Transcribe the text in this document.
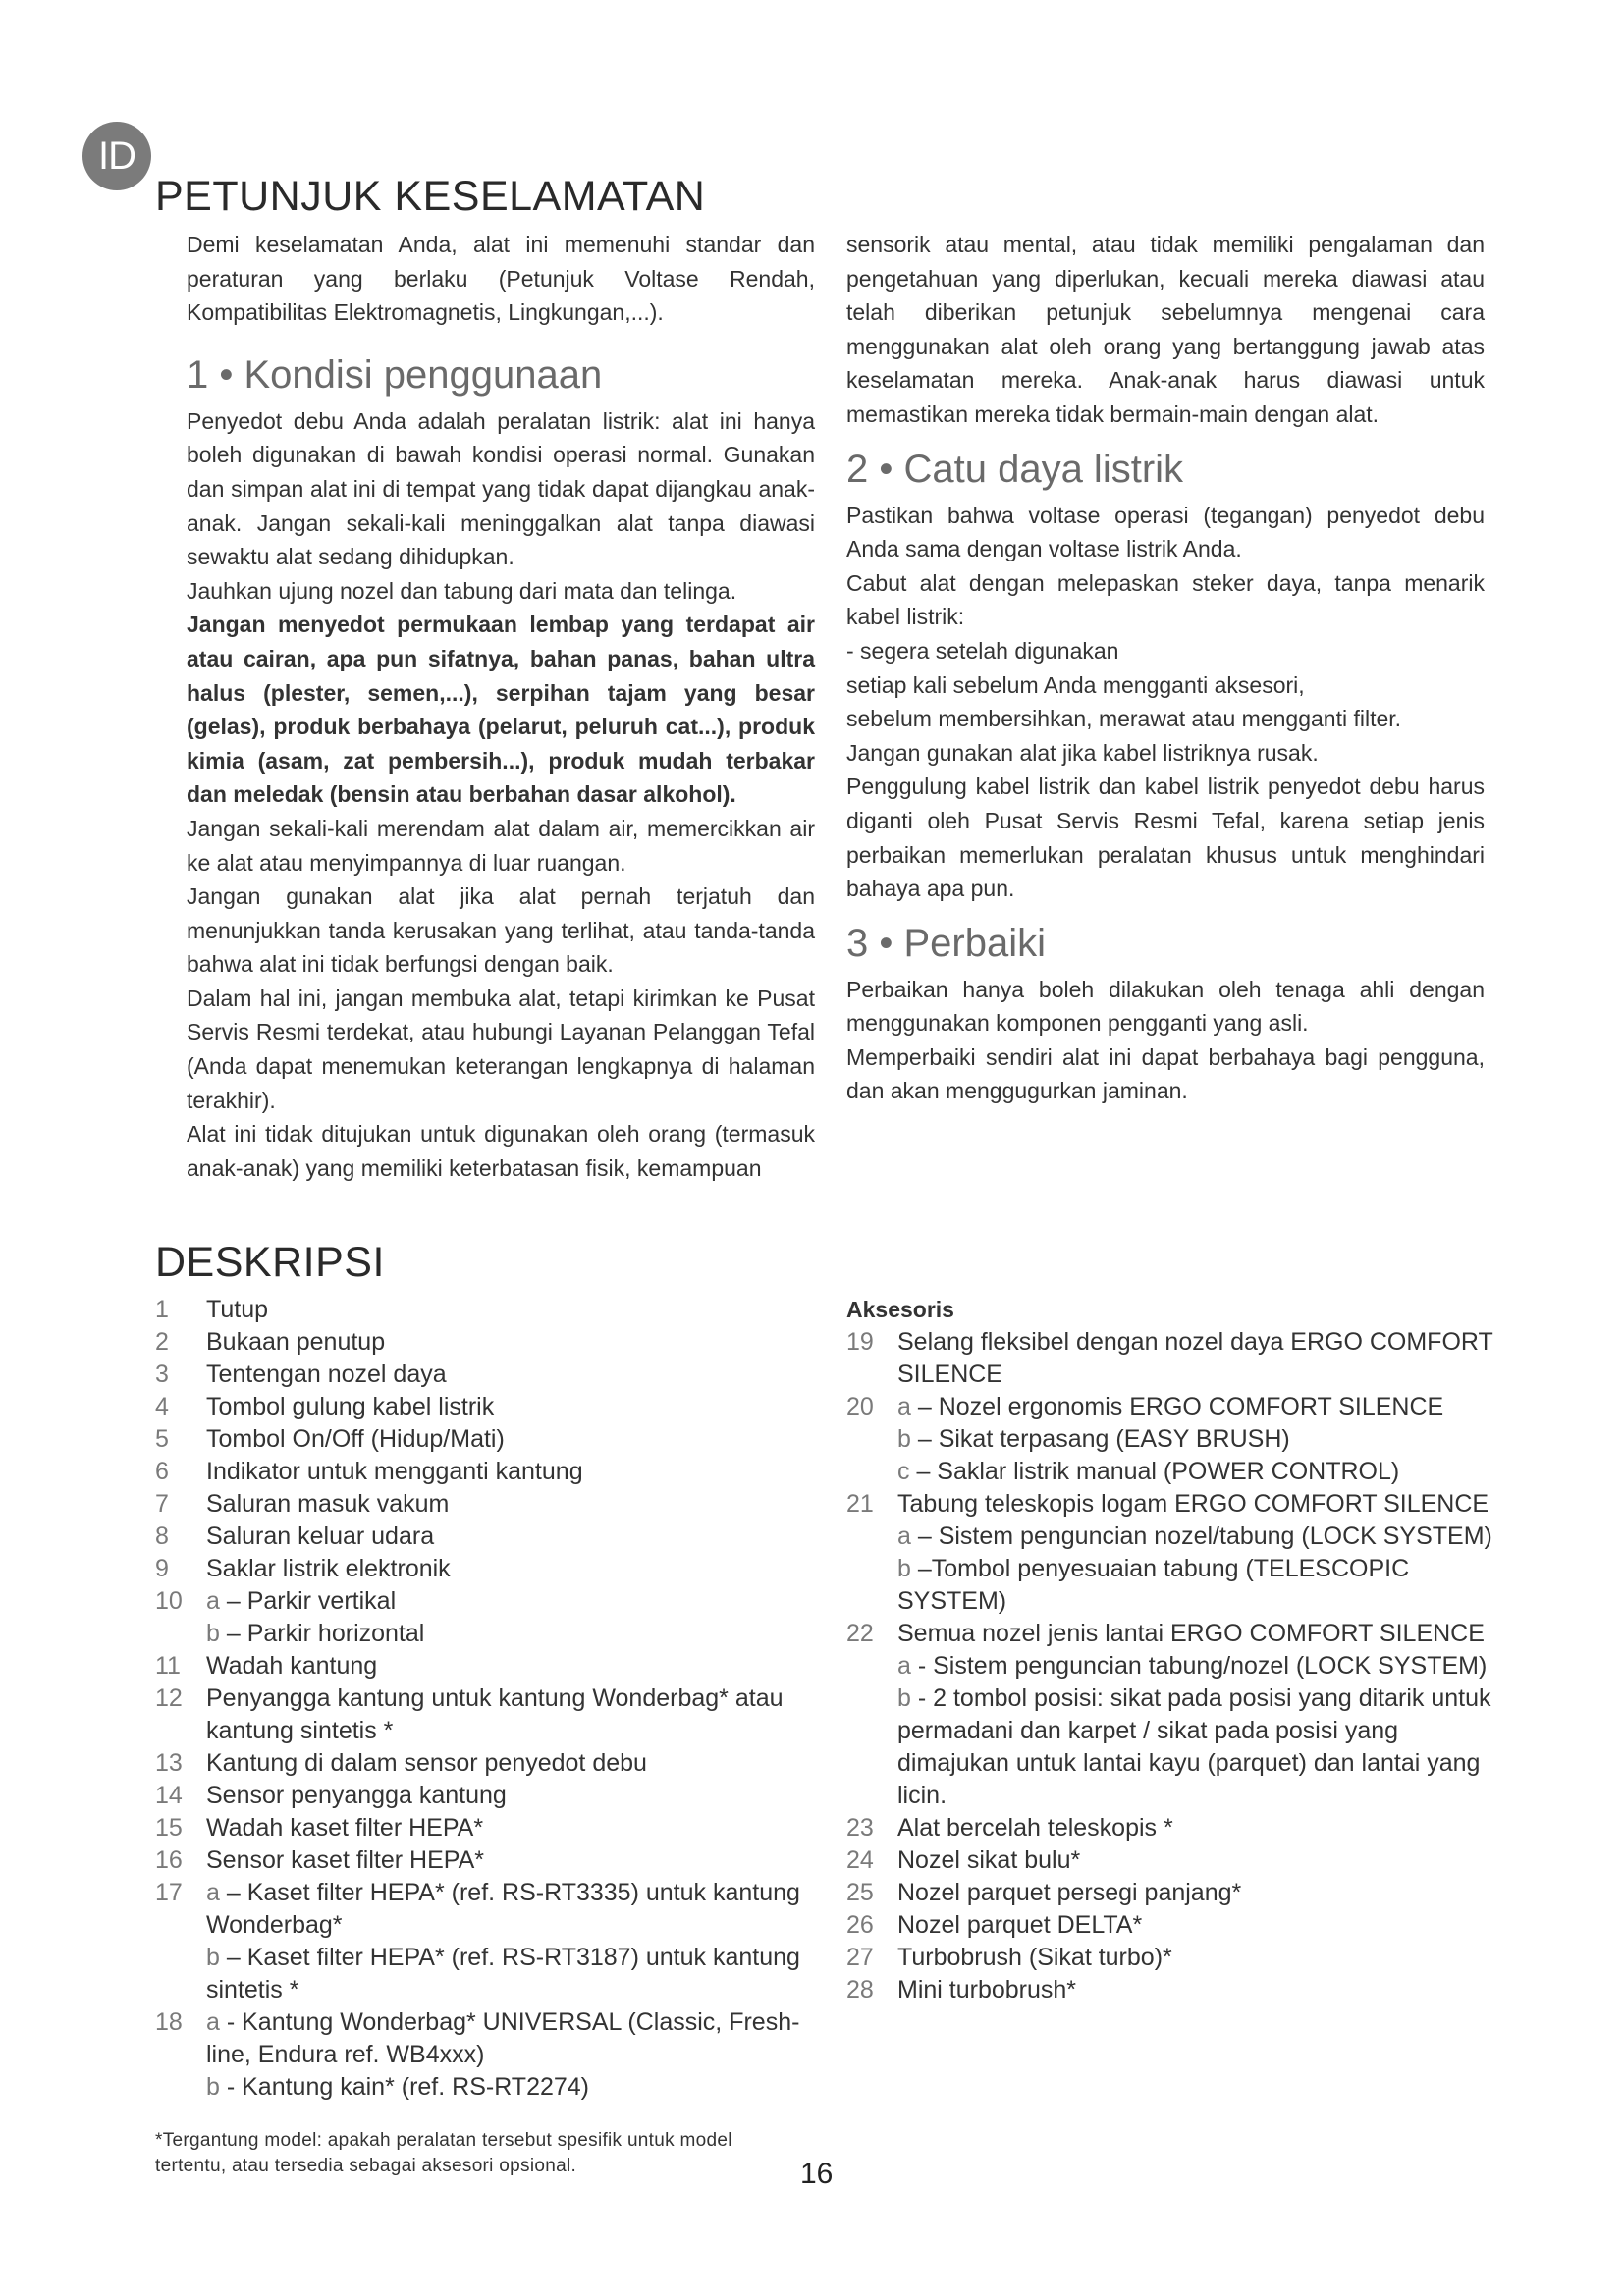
ID
PETUNJUK KESELAMATAN

Demi keselamatan Anda, alat ini memenuhi standar dan peraturan yang berlaku (Petunjuk Voltase Rendah, Kompatibilitas Elektromagnetis, Lingkungan,...).

1 • Kondisi penggunaan

Penyedot debu Anda adalah peralatan listrik: alat ini hanya boleh digunakan di bawah kondisi operasi normal. Gunakan dan simpan alat ini di tempat yang tidak dapat dijangkau anak-anak. Jangan sekali-kali meninggalkan alat tanpa diawasi sewaktu alat sedang dihidupkan.

Jauhkan ujung nozel dan tabung dari mata dan telinga.

Jangan menyedot permukaan lembap yang terdapat air atau cairan, apa pun sifatnya, bahan panas, bahan ultra halus (plester, semen,...), serpihan tajam yang besar (gelas), produk berbahaya (pelarut, peluruh cat...), produk kimia (asam, zat pembersih...), produk mudah terbakar dan meledak (bensin atau berbahan dasar alkohol).

Jangan sekali-kali merendam alat dalam air, memercikkan air ke alat atau menyimpannya di luar ruangan.

Jangan gunakan alat jika alat pernah terjatuh dan menunjukkan tanda kerusakan yang terlihat, atau tanda-tanda bahwa alat ini tidak berfungsi dengan baik.

Dalam hal ini, jangan membuka alat, tetapi kirimkan ke Pusat Servis Resmi terdekat, atau hubungi Layanan Pelanggan Tefal (Anda dapat menemukan keterangan lengkapnya di halaman terakhir).

Alat ini tidak ditujukan untuk digunakan oleh orang (termasuk anak-anak) yang memiliki keterbatasan fisik, kemampuan

sensorik atau mental, atau tidak memiliki pengalaman dan pengetahuan yang diperlukan, kecuali mereka diawasi atau telah diberikan petunjuk sebelumnya mengenai cara menggunakan alat oleh orang yang bertanggung jawab atas keselamatan mereka. Anak-anak harus diawasi untuk memastikan mereka tidak bermain-main dengan alat.

2 • Catu daya listrik

Pastikan bahwa voltase operasi (tegangan) penyedot debu Anda sama dengan voltase listrik Anda.

Cabut alat dengan melepaskan steker daya, tanpa menarik kabel listrik:

- segera setelah digunakan

setiap kali sebelum Anda mengganti aksesori,

sebelum membersihkan, merawat atau mengganti filter.

Jangan gunakan alat jika kabel listriknya rusak.

Penggulung kabel listrik dan kabel listrik penyedot debu harus diganti oleh Pusat Servis Resmi Tefal, karena setiap jenis perbaikan memerlukan peralatan khusus untuk menghindari bahaya apa pun.

3 • Perbaiki

Perbaikan hanya boleh dilakukan oleh tenaga ahli dengan menggunakan komponen pengganti yang asli.

Memperbaiki sendiri alat ini dapat berbahaya bagi pengguna, dan akan menggugurkan jaminan.

DESKRIPSI
1	Tutup
2	Bukaan penutup
3	Tentengan nozel daya
4	Tombol gulung kabel listrik
5	Tombol On/Off (Hidup/Mati)
6	Indikator untuk mengganti kantung
7	Saluran masuk vakum
8	Saluran keluar udara
9	Saklar listrik elektronik
10 a – Parkir vertikal
b – Parkir horizontal
11	Wadah kantung
12 Penyangga kantung untuk kantung Wonderbag* atau kantung sintetis *
13 Kantung di dalam sensor penyedot debu
14 Sensor penyangga kantung
15 Wadah kaset filter HEPA*
16 Sensor kaset filter HEPA*
17 a – Kaset filter HEPA* (ref. RS-RT3335) untuk kantung Wonderbag*
b – Kaset filter HEPA* (ref. RS-RT3187) untuk kantung sintetis *
18 a - Kantung Wonderbag* UNIVERSAL (Classic, Fresh-line, Endura ref. WB4xxx)
b - Kantung kain* (ref. RS-RT2274)
Aksesoris
19 Selang fleksibel dengan nozel daya ERGO COMFORT SILENCE
20 a – Nozel ergonomis ERGO COMFORT SILENCE
b – Sikat terpasang (EASY BRUSH)
c – Saklar listrik manual (POWER CONTROL)
21 Tabung teleskopis logam ERGO COMFORT SILENCE
a – Sistem penguncian nozel/tabung (LOCK SYSTEM)
b –Tombol penyesuaian tabung (TELESCOPIC SYSTEM)
22 Semua nozel jenis lantai ERGO COMFORT SILENCE
a - Sistem penguncian tabung/nozel (LOCK SYSTEM)
b - 2 tombol posisi: sikat pada posisi yang ditarik untuk permadani dan karpet / sikat pada posisi yang dimajukan untuk lantai kayu (parquet) dan lantai yang licin.
23 Alat bercelah teleskopis *
24 Nozel sikat bulu*
25 Nozel parquet persegi panjang*
26 Nozel parquet DELTA*
27 Turbobrush (Sikat turbo)*
28 Mini turbobrush*
*Tergantung model: apakah peralatan tersebut spesifik untuk model tertentu, atau tersedia sebagai aksesori opsional.	16
